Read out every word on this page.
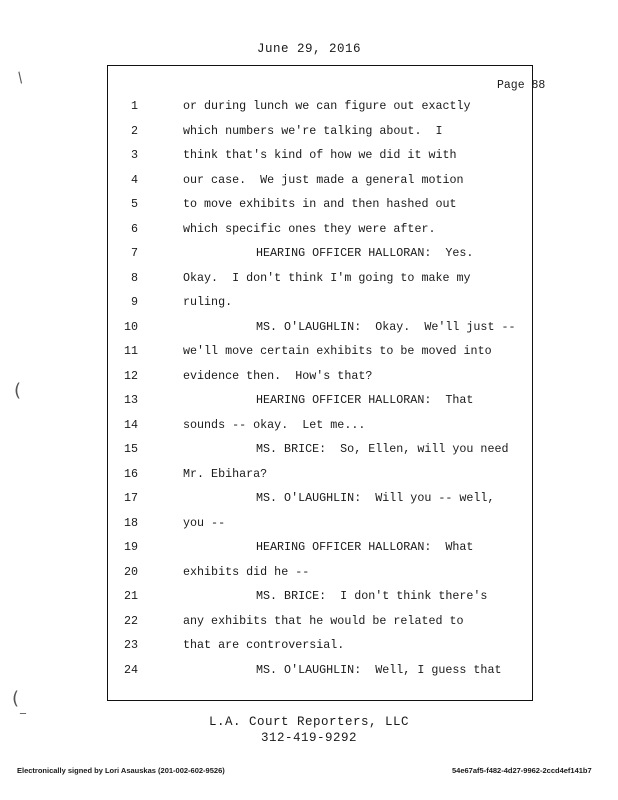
June 29, 2016
Page 88
1	or during lunch we can figure out exactly
2	which numbers we're talking about.  I
3	think that's kind of how we did it with
4	our case.  We just made a general motion
5	to move exhibits in and then hashed out
6	which specific ones they were after.
7	HEARING OFFICER HALLORAN:  Yes.
8	Okay.  I don't think I'm going to make my
9	ruling.
10	MS. O'LAUGHLIN:  Okay.  We'll just --
11	we'll move certain exhibits to be moved into
12	evidence then.  How's that?
13	HEARING OFFICER HALLORAN:  That
14	sounds -- okay.  Let me...
15	MS. BRICE:  So, Ellen, will you need
16	Mr. Ebihara?
17	MS. O'LAUGHLIN:  Will you -- well,
18	you --
19	HEARING OFFICER HALLORAN:  What
20	exhibits did he --
21	MS. BRICE:  I don't think there's
22	any exhibits that he would be related to
23	that are controversial.
24	MS. O'LAUGHLIN:  Well, I guess that
L.A. Court Reporters, LLC
312-419-9292
Electronically signed by Lori Asauskas (201-002-602-9526)	54e67af5-f482-4d27-9962-2ccd4ef141b7
/
(
( _
